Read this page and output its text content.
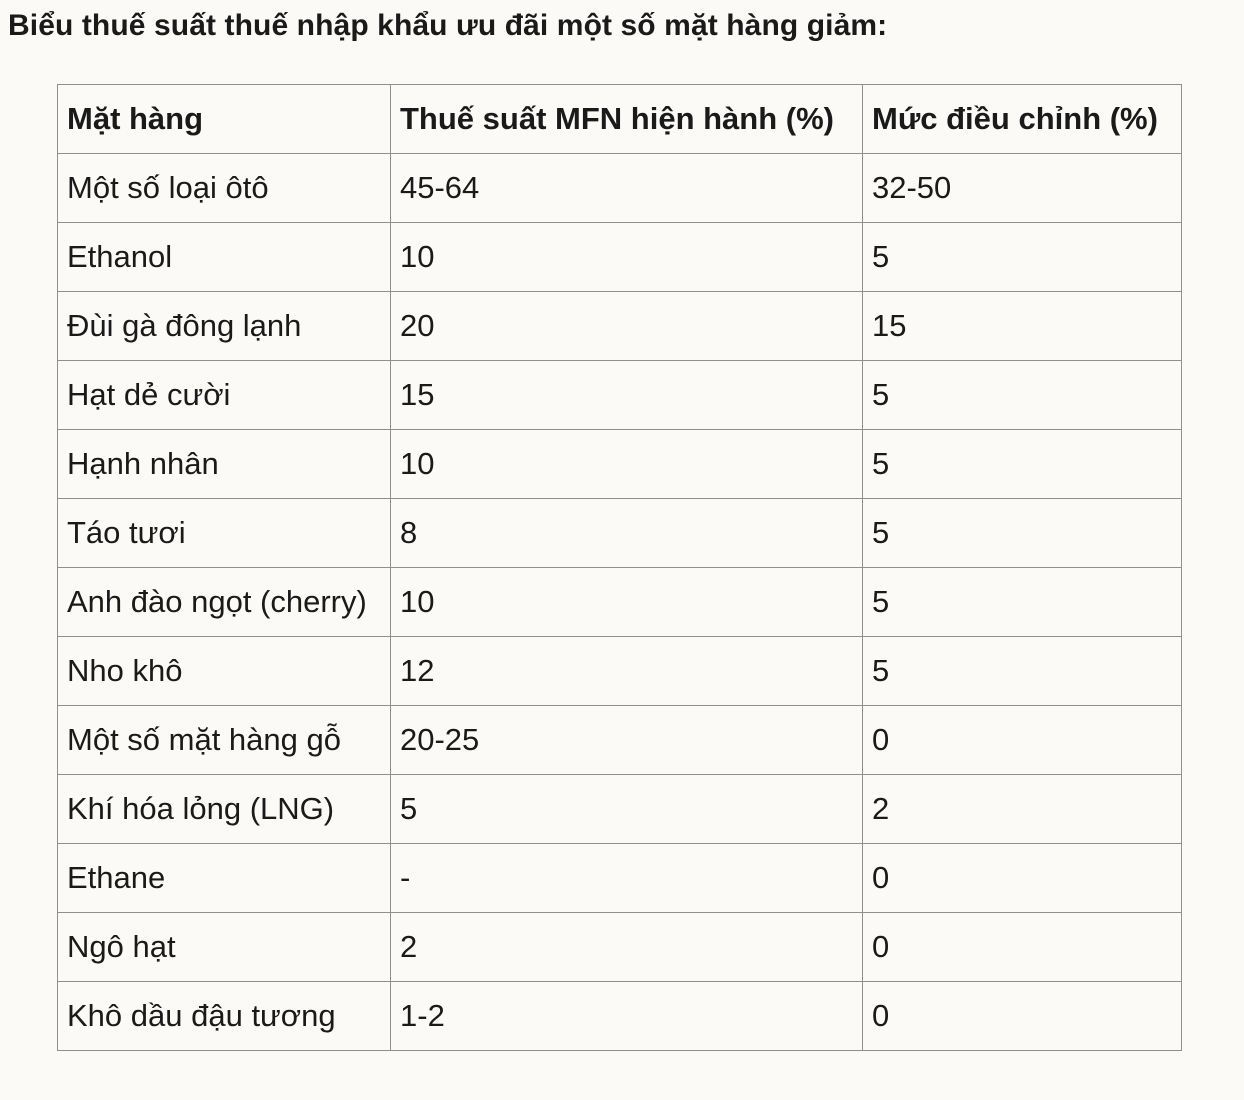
Biểu thuế suất thuế nhập khẩu ưu đãi một số mặt hàng giảm:
Mặt hàng	Thuế suất MFN hiện hành (%)	Mức điều chỉnh (%)
Một số loại ôtô	45-64	32-50
Ethanol	10	5
Đùi gà đông lạnh	20	15
Hạt dẻ cười	15	5
Hạnh nhân	10	5
Táo tươi	8	5
Anh đào ngọt (cherry)	10	5
Nho khô	12	5
Một số mặt hàng gỗ	20-25	0
Khí hóa lỏng (LNG)	5	2
Ethane	-	0
Ngô hạt	2	0
Khô dầu đậu tương	1-2	0
